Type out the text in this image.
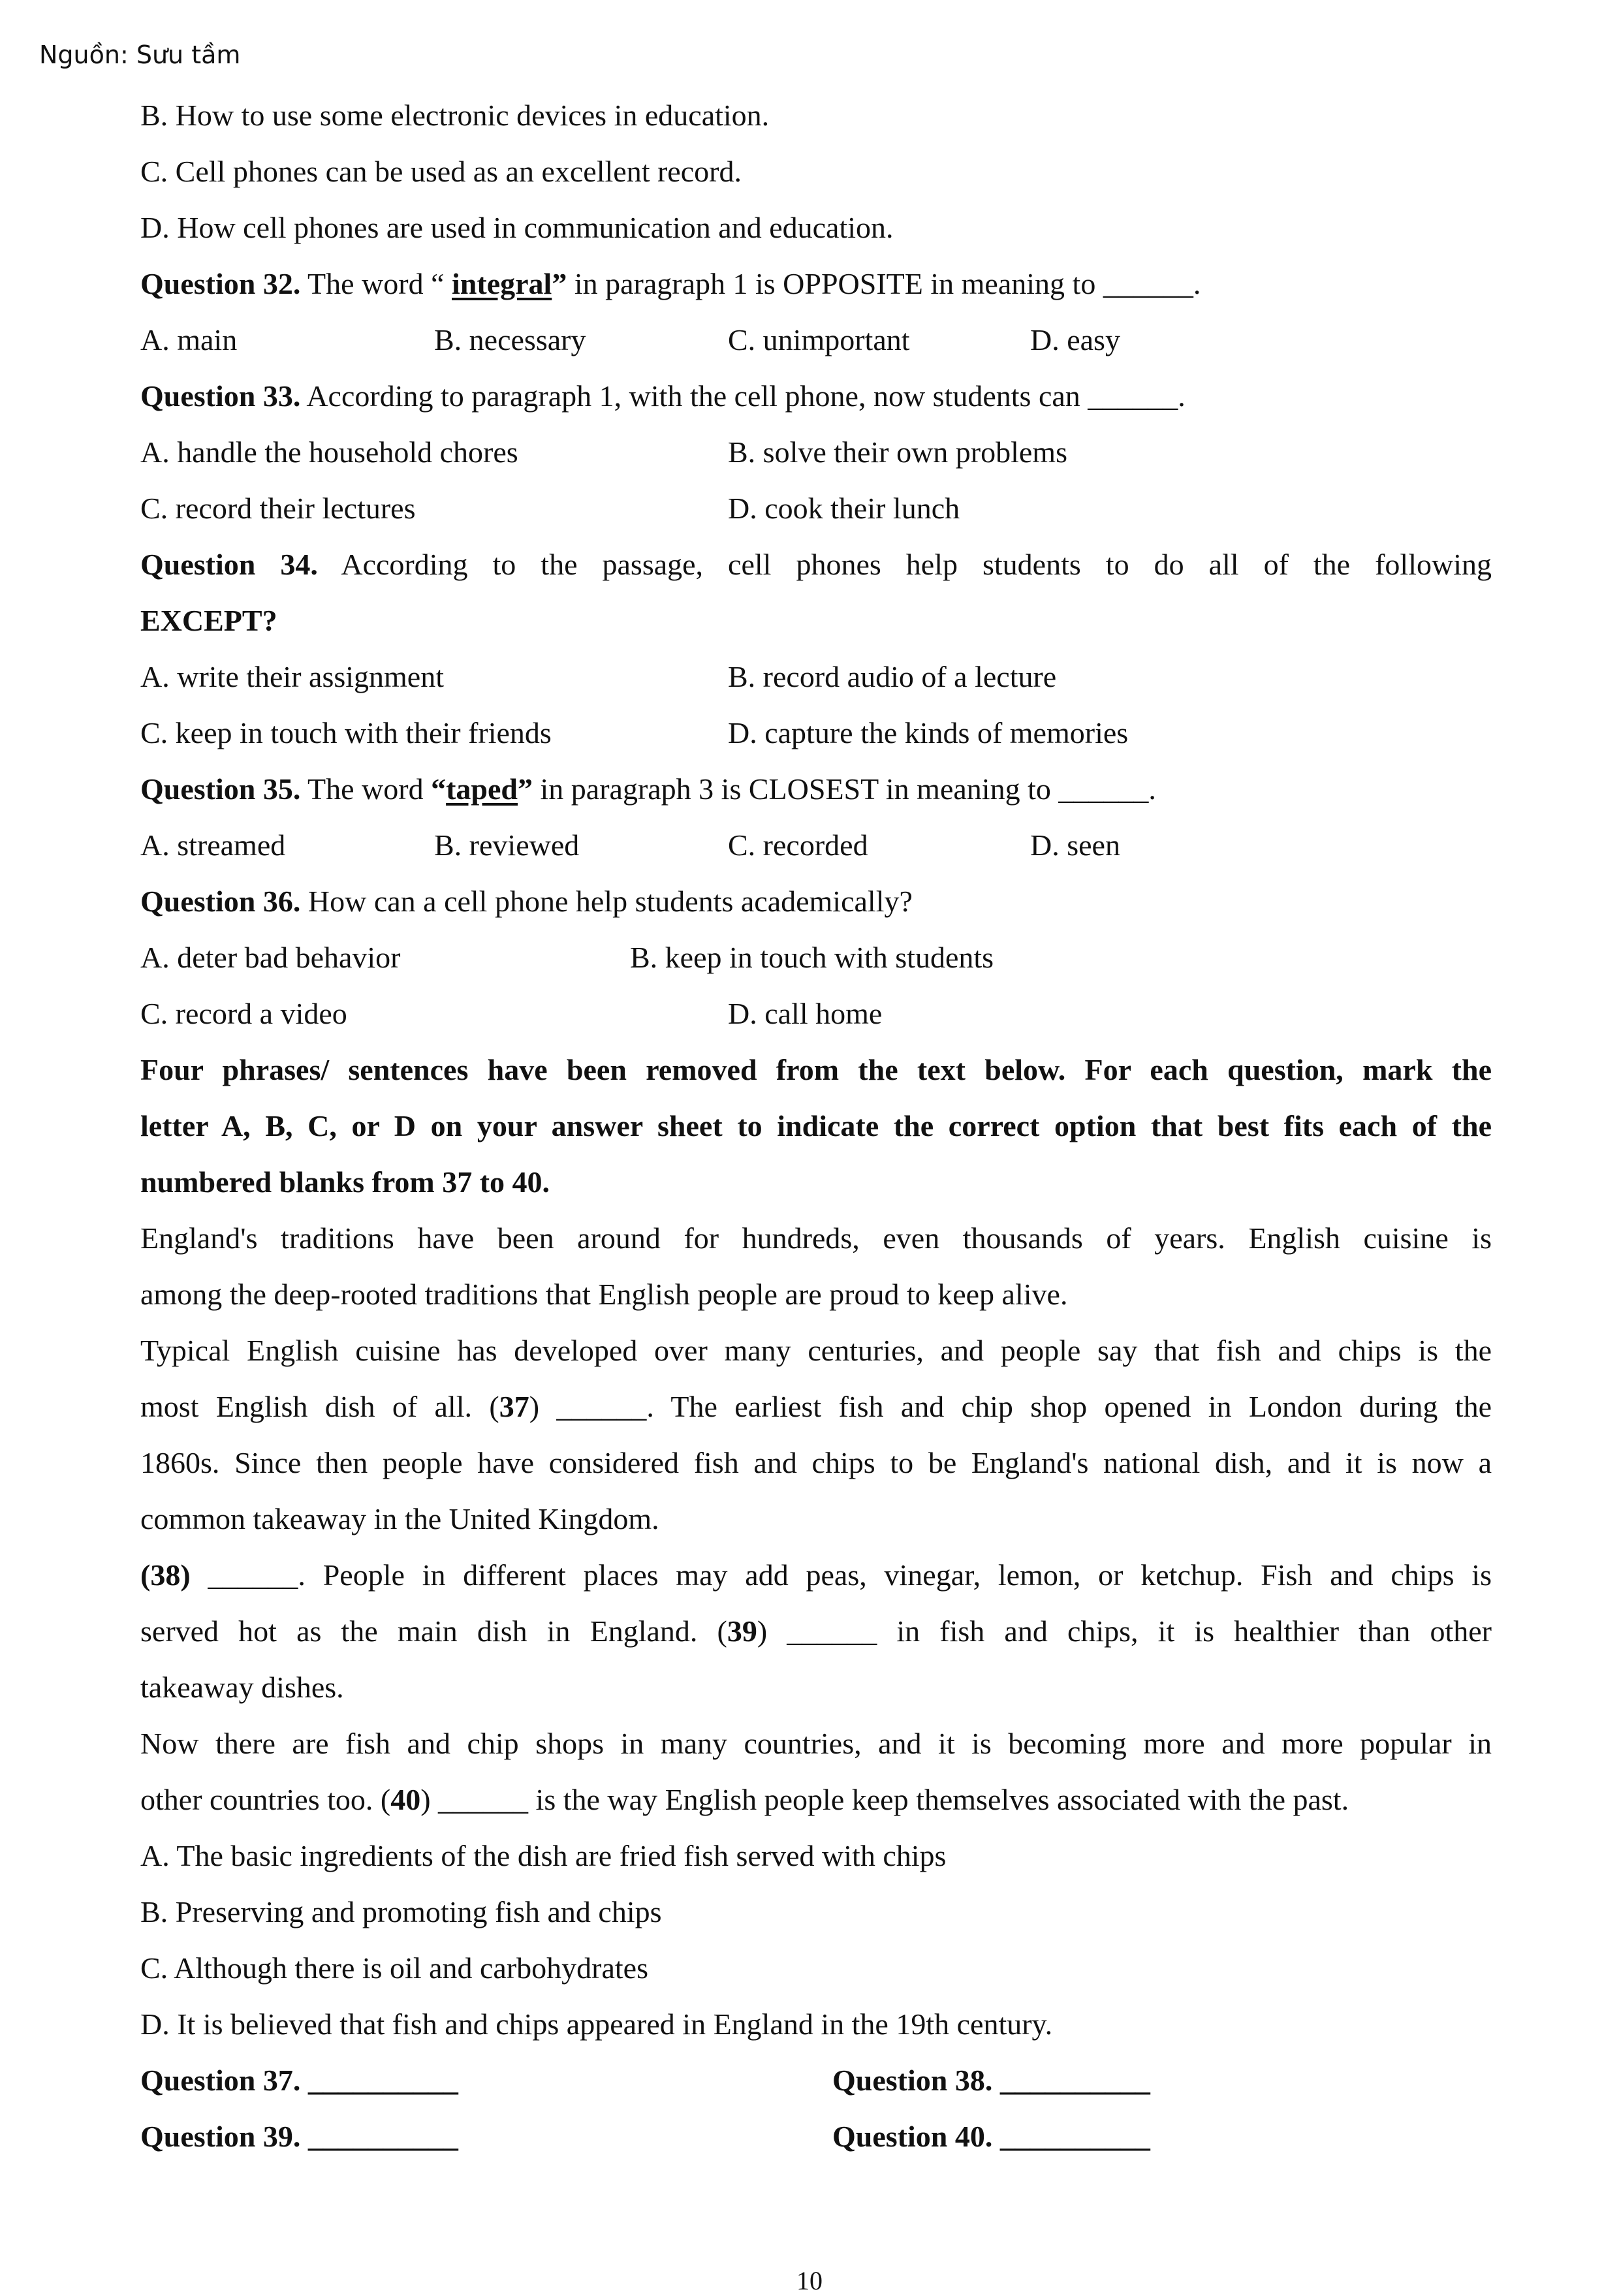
Nguồn: Sưu tầm
B. How to use some electronic devices in education.
C. Cell phones can be used as an excellent record.
D. How cell phones are used in communication and education.
Question 32. The word “ integral” in paragraph 1 is OPPOSITE in meaning to ______.
A. main	B. necessary	C. unimportant	D. easy
Question 33. According to paragraph 1, with the cell phone, now students can ______.
A. handle the household chores	B. solve their own problems
C. record their lectures	D. cook their lunch
Question 34. According to the passage, cell phones help students to do all of the following
EXCEPT?
A. write their assignment	B. record audio of a lecture
C. keep in touch with their friends	D. capture the kinds of memories
Question 35. The word “taped” in paragraph 3 is CLOSEST in meaning to ______.
A. streamed	B. reviewed	C. recorded	D. seen
Question 36. How can a cell phone help students academically?
A. deter bad behavior	B. keep in touch with students
C. record a video	D. call home
Four phrases/ sentences have been removed from the text below. For each question, mark the
letter A, B, C, or D on your answer sheet to indicate the correct option that best fits each of the
numbered blanks from 37 to 40.
England's traditions have been around for hundreds, even thousands of years. English cuisine is
among the deep-rooted traditions that English people are proud to keep alive.
Typical English cuisine has developed over many centuries, and people say that fish and chips is the
most English dish of all. (37) ______. The earliest fish and chip shop opened in London during the
1860s. Since then people have considered fish and chips to be England's national dish, and it is now a
common takeaway in the United Kingdom.
(38) ______. People in different places may add peas, vinegar, lemon, or ketchup. Fish and chips is
served hot as the main dish in England. (39) ______ in fish and chips, it is healthier than other
takeaway dishes.
Now there are fish and chip shops in many countries, and it is becoming more and more popular in
other countries too. (40) ______ is the way English people keep themselves associated with the past.
A. The basic ingredients of the dish are fried fish served with chips
B. Preserving and promoting fish and chips
C. Although there is oil and carbohydrates
D. It is believed that fish and chips appeared in England in the 19th century.
Question 37. __________	Question 38. __________
Question 39. __________	Question 40. __________
10
